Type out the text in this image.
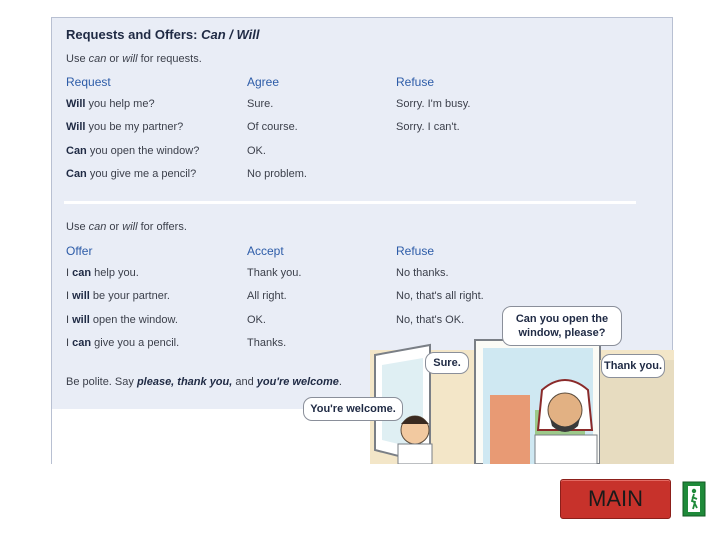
Requests and Offers: Can / Will
Use can or will for requests.
Request	Agree	Refuse
Will you help me?	Sure.	Sorry. I'm busy.
Will you be my partner?	Of course.	Sorry. I can't.
Can you open the window?	OK.
Can you give me a pencil?	No problem.
Use can or will for offers.
Offer	Accept	Refuse
I can help you.	Thank you.	No thanks.
I will be your partner.	All right.	No, that's all right.
I will open the window.	OK.	No, that's OK.
I can give you a pencil.	Thanks.
Be polite. Say please, thank you, and you're welcome.
Can you open the window, please?
Sure.	Thank you.
You're welcome.
MAIN
